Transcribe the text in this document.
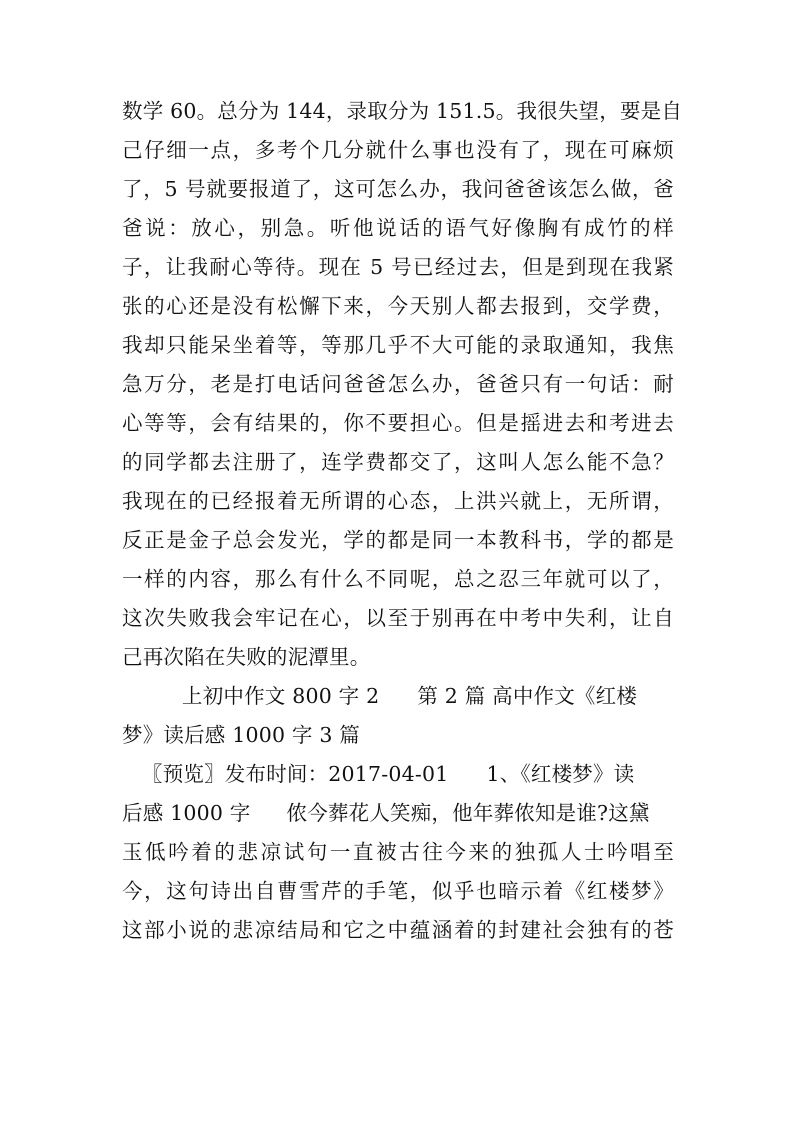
数学 60。总分为 144，录取分为 151.5。我很失望，要是自
己仔细一点，多考个几分就什么事也没有了，现在可麻烦
了，5 号就要报道了，这可怎么办，我问爸爸该怎么做，爸
爸说：放心，别急。听他说话的语气好像胸有成竹的样
子，让我耐心等待。现在 5 号已经过去，但是到现在我紧
张的心还是没有松懈下来，今天别人都去报到，交学费，
我却只能呆坐着等，等那几乎不大可能的录取通知，我焦
急万分，老是打电话问爸爸怎么办，爸爸只有一句话：耐
心等等，会有结果的，你不要担心。但是摇进去和考进去
的同学都去注册了，连学费都交了，这叫人怎么能不急？
我现在的已经报着无所谓的心态，上洪兴就上，无所谓，
反正是金子总会发光，学的都是同一本教科书，学的都是
一样的内容，那么有什么不同呢，总之忍三年就可以了，
这次失败我会牢记在心，以至于别再在中考中失利，让自
己再次陷在失败的泥潭里。
上初中作文 800 字 2 第 2 篇 高中作文《红楼
梦》读后感 1000 字 3 篇
〖预览〗发布时间：2017-04-01 1、《红楼梦》读
后感 1000 字 侬今葬花人笑痴，他年葬侬知是谁?这黛
玉低吟着的悲凉试句一直被古往今来的独孤人士吟唱至
今，这句诗出自曹雪芹的手笔，似乎也暗示着《红楼梦》
这部小说的悲凉结局和它之中蕴涵着的封建社会独有的苍
